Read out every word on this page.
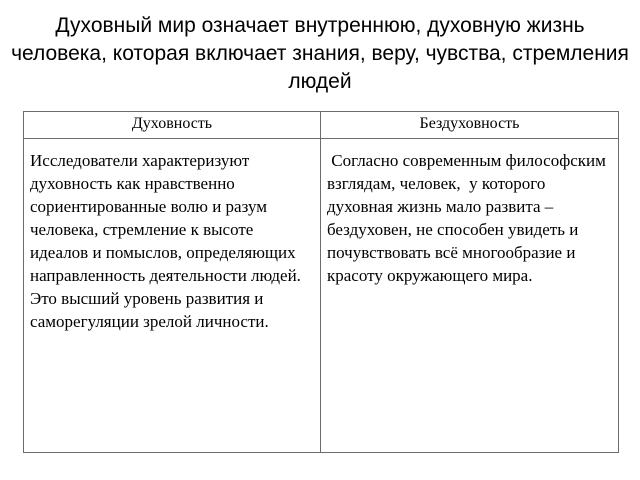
Духовный мир означает внутреннюю, духовную жизнь человека, которая включает знания, веру, чувства, стремления людей
Духовность	Бездуховность

Исследователи характеризуют духовность как нравственно сориентированные волю и разум человека, стремление к высоте идеалов и помыслов, определяющих направленность деятельности людей.
Это высший уровень развития и саморегуляции зрелой личности.	Согласно современным философским взглядам, человек,  у которого духовная жизнь мало развита – бездуховен, не способен увидеть и почувствовать всё многообразие и красоту окружающего мира.
